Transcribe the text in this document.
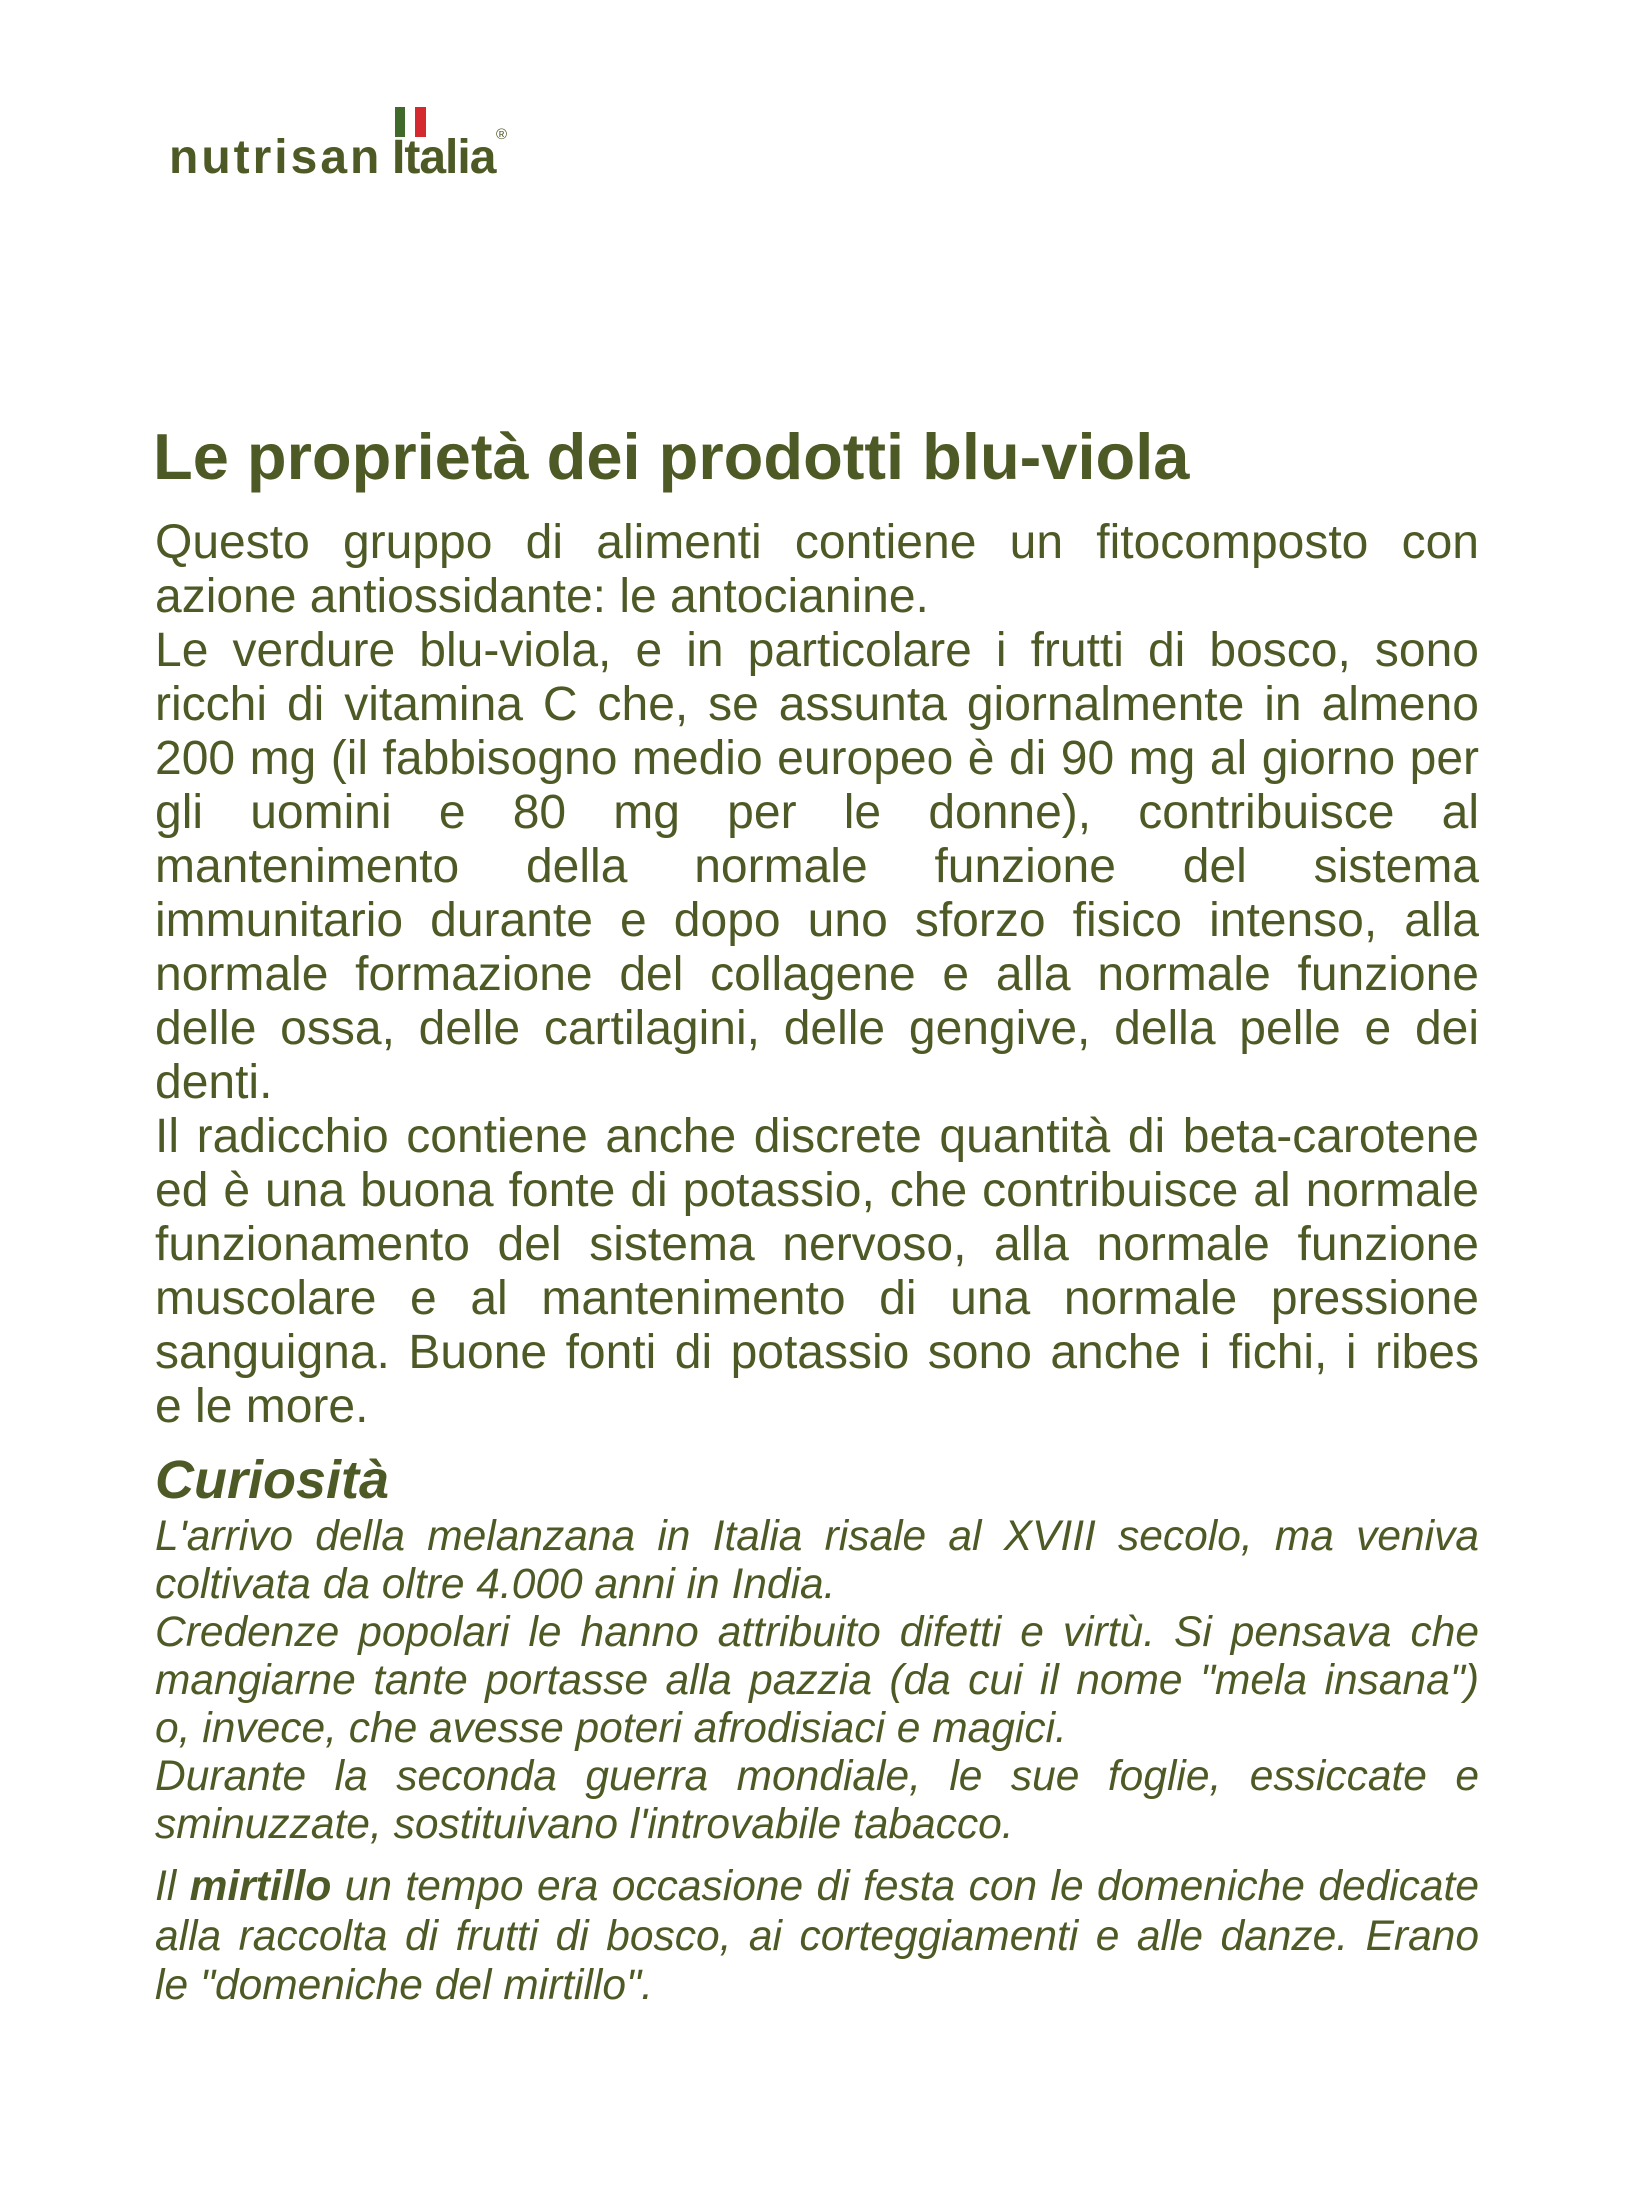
nutrisan Italia ®
Le proprietà dei prodotti blu-viola
Questo gruppo di alimenti contiene un fitocomposto con
azione antiossidante: le antocianine.
Le verdure blu-viola, e in particolare i frutti di bosco, sono
ricchi di vitamina C che, se assunta giornalmente in almeno
200 mg (il fabbisogno medio europeo è di 90 mg al giorno per
gli uomini e 80 mg per le donne), contribuisce al
mantenimento della normale funzione del sistema
immunitario durante e dopo uno sforzo fisico intenso, alla
normale formazione del collagene e alla normale funzione
delle ossa, delle cartilagini, delle gengive, della pelle e dei
denti.
Il radicchio contiene anche discrete quantità di beta-carotene
ed è una buona fonte di potassio, che contribuisce al normale
funzionamento del sistema nervoso, alla normale funzione
muscolare e al mantenimento di una normale pressione
sanguigna. Buone fonti di potassio sono anche i fichi, i ribes
e le more.
Curiosità
L'arrivo della melanzana in Italia risale al XVIII secolo, ma veniva
coltivata da oltre 4.000 anni in India.
Credenze popolari le hanno attribuito difetti e virtù. Si pensava che
mangiarne tante portasse alla pazzia (da cui il nome "mela insana")
o, invece, che avesse poteri afrodisiaci e magici.
Durante la seconda guerra mondiale, le sue foglie, essiccate e
sminuzzate, sostituivano l'introvabile tabacco.
Il mirtillo un tempo era occasione di festa con le domeniche dedicate
alla raccolta di frutti di bosco, ai corteggiamenti e alle danze. Erano
le "domeniche del mirtillo".
